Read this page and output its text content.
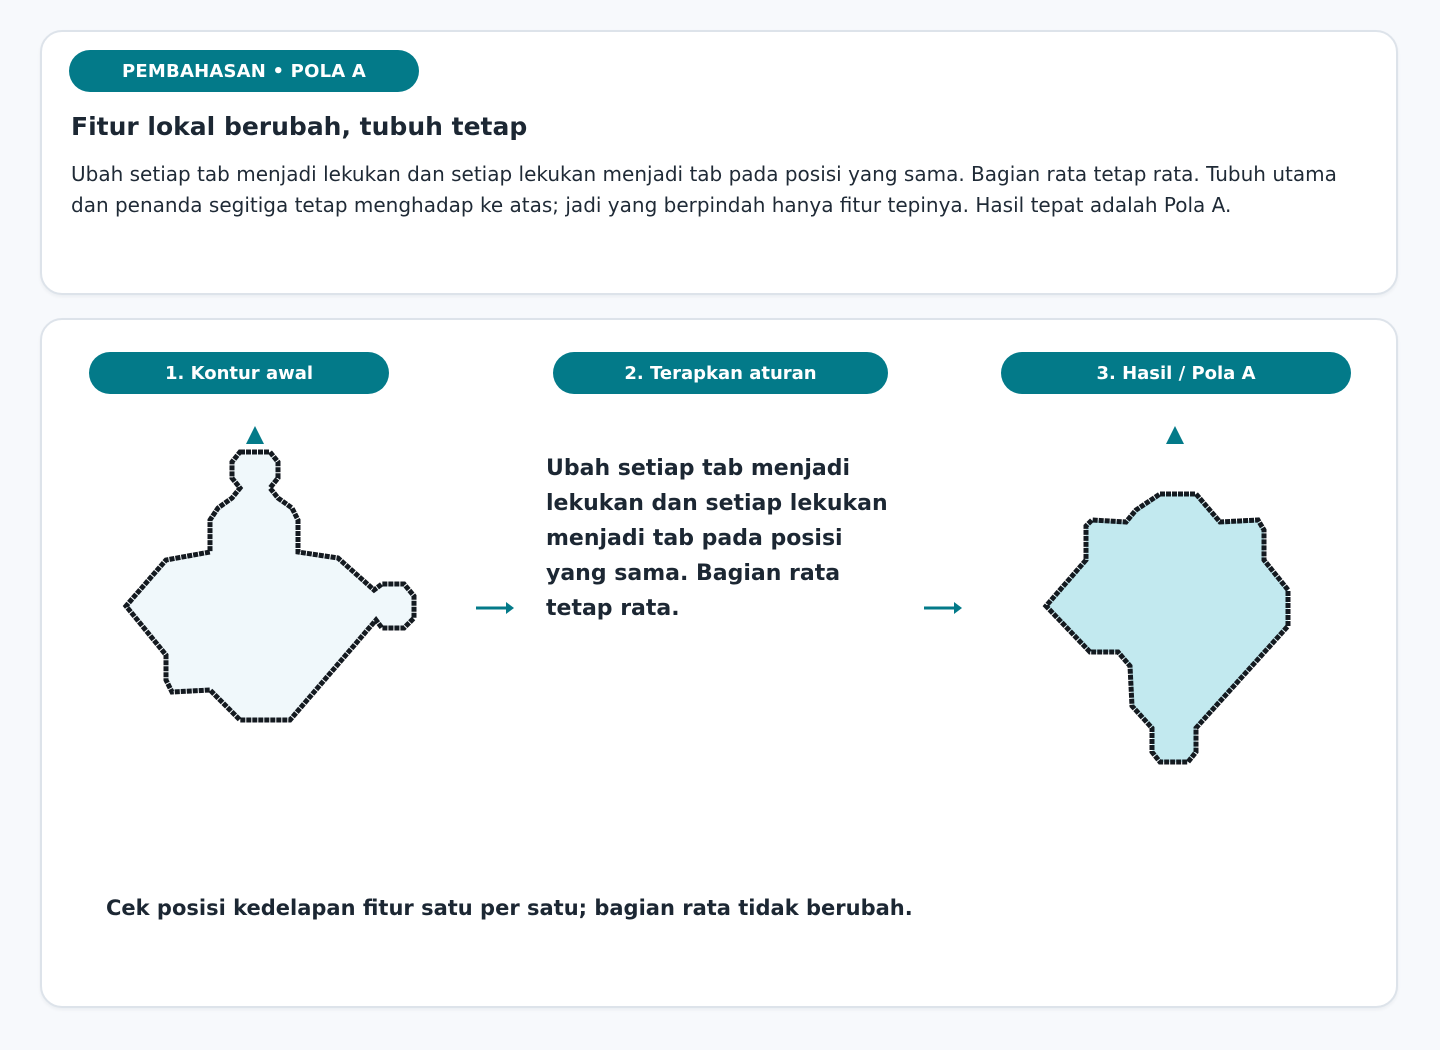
PEMBAHASAN • POLA A
Fitur lokal berubah, tubuh tetap

Ubah setiap tab menjadi lekukan dan setiap lekukan menjadi tab pada posisi yang sama. Bagian rata tetap rata. Tubuh utama dan penanda segitiga tetap menghadap ke atas; jadi yang berpindah hanya fitur tepinya. Hasil tepat adalah Pola A.

1. Kontur awal	2. Terapkan aturan	3. Hasil / Pola A

Ubah setiap tab menjadi lekukan dan setiap lekukan menjadi tab pada posisi yang sama. Bagian rata tetap rata.

Cek posisi kedelapan fitur satu per satu; bagian rata tidak berubah.
